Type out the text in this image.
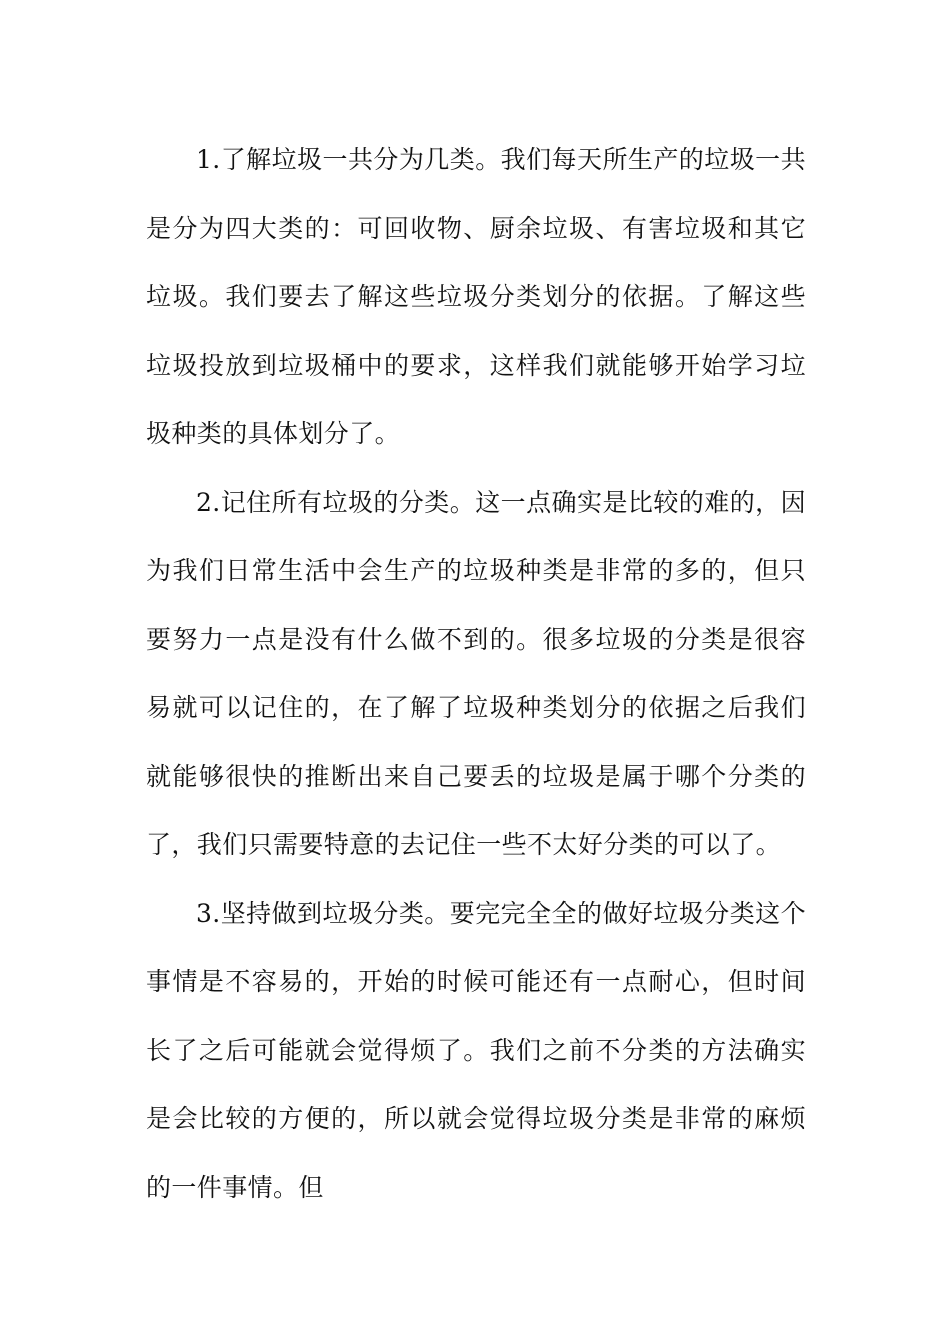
1.了解垃圾一共分为几类。我们每天所生产的垃圾一共是分为四大类的：可回收物、厨余垃圾、有害垃圾和其它垃圾。我们要去了解这些垃圾分类划分的依据。了解这些垃圾投放到垃圾桶中的要求，这样我们就能够开始学习垃圾种类的具体划分了。

2.记住所有垃圾的分类。这一点确实是比较的难的，因为我们日常生活中会生产的垃圾种类是非常的多的，但只要努力一点是没有什么做不到的。很多垃圾的分类是很容易就可以记住的，在了解了垃圾种类划分的依据之后我们就能够很快的推断出来自己要丢的垃圾是属于哪个分类的了，我们只需要特意的去记住一些不太好分类的可以了。

3.坚持做到垃圾分类。要完完全全的做好垃圾分类这个事情是不容易的，开始的时候可能还有一点耐心，但时间长了之后可能就会觉得烦了。我们之前不分类的方法确实是会比较的方便的，所以就会觉得垃圾分类是非常的麻烦的一件事情。但
